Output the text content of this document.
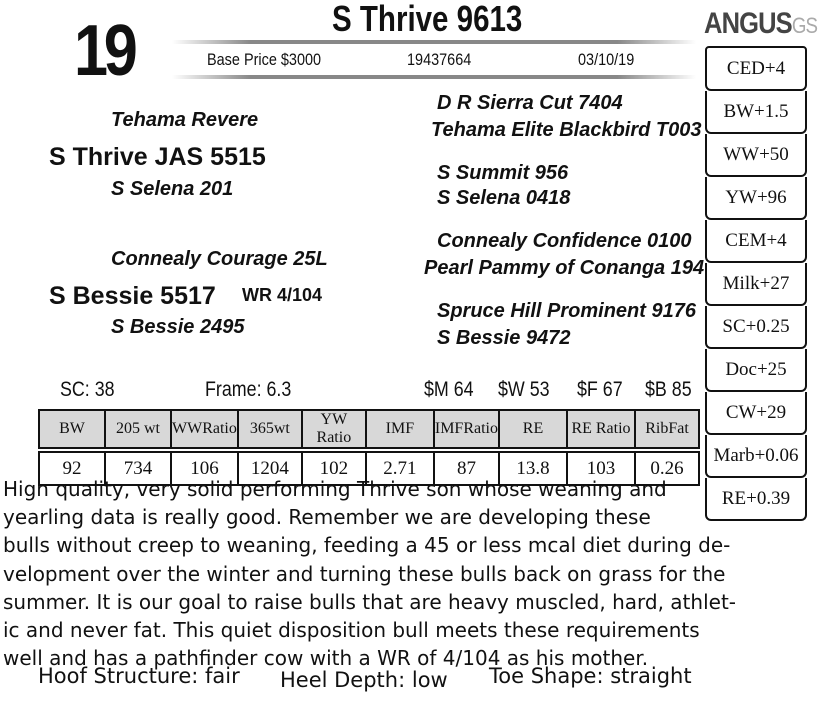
19	S Thrive 9613
Base Price $3000	19437664	03/10/19
ANGUSGS
CED+4
BW+1.5
WW+50
YW+96
CEM+4
Milk+27
SC+0.25
Doc+25
CW+29
Marb+0.06
RE+0.39
Tehama Revere
S Thrive JAS 5515
S Selena 201
Connealy Courage 25L
S Bessie 5517 WR 4/104
S Bessie 2495
D R Sierra Cut 7404
Tehama Elite Blackbird T003
S Summit 956
S Selena 0418
Connealy Confidence 0100
Pearl Pammy of Conanga 194
Spruce Hill Prominent 9176
S Bessie 9472
SC: 38	Frame: 6.3	$M 64 $W 53 $F 67 $B 85
BW	205 wt	WWRatio	365wt	YW Ratio	IMF	IMFRatio	RE	RE Ratio	RibFat

92	734	106	1204	102	2.71	87	13.8	103	0.26
High quality, very solid performing Thrive son whose weaning and
yearling data is really good. Remember we are developing these
bulls without creep to weaning, feeding a 45 or less mcal diet during de-
velopment over the winter and turning these bulls back on grass for the
summer. It is our goal to raise bulls that are heavy muscled, hard, athlet-
ic and never fat. This quiet disposition bull meets these requirements
well and has a pathfinder cow with a WR of 4/104 as his mother.
Hoof Structure: fair Heel Depth: low Toe Shape: straight
